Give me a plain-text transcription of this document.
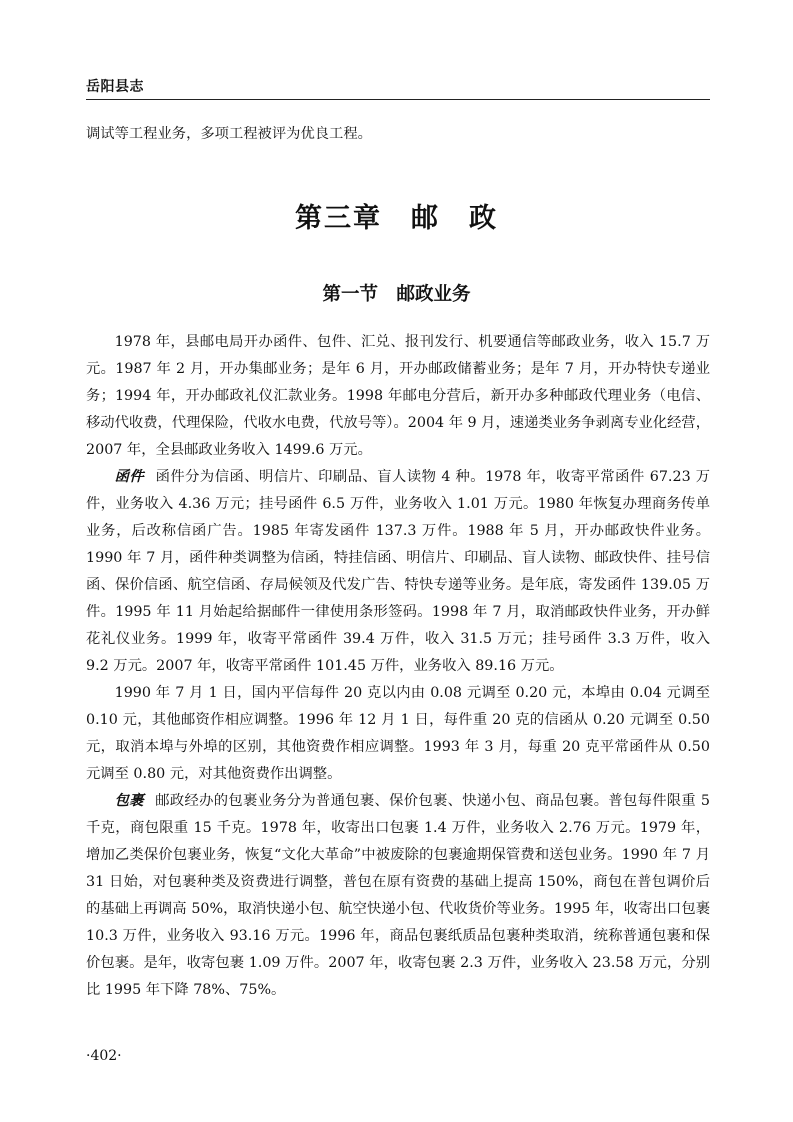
岳阳县志

调试等工程业务，多项工程被评为优良工程。

第三章　邮　政
第一节　邮政业务

1978 年，县邮电局开办函件、包件、汇兑、报刊发行、机要通信等邮政业务，收入 15.7 万元。1987 年 2 月，开办集邮业务；是年 6 月，开办邮政储蓄业务；是年 7 月，开办特快专递业务；1994 年，开办邮政礼仪汇款业务。1998 年邮电分营后，新开办多种邮政代理业务（电信、移动代收费，代理保险，代收水电费，代放号等）。2004 年 9 月，速递类业务争剥离专业化经营，2007 年，全县邮政业务收入 1499.6 万元。

函件 函件分为信函、明信片、印刷品、盲人读物 4 种。1978 年，收寄平常函件 67.23 万件，业务收入 4.36 万元；挂号函件 6.5 万件，业务收入 1.01 万元。1980 年恢复办理商务传单业务，后改称信函广告。1985 年寄发函件 137.3 万件。1988 年 5 月，开办邮政快件业务。1990 年 7 月，函件种类调整为信函，特挂信函、明信片、印刷品、盲人读物、邮政快件、挂号信函、保价信函、航空信函、存局候领及代发广告、特快专递等业务。是年底，寄发函件 139.05 万件。1995 年 11 月始起给据邮件一律使用条形签码。1998 年 7 月，取消邮政快件业务，开办鲜花礼仪业务。1999 年，收寄平常函件 39.4 万件，收入 31.5 万元；挂号函件 3.3 万件，收入 9.2 万元。2007 年，收寄平常函件 101.45 万件，业务收入 89.16 万元。

1990 年 7 月 1 日，国内平信每件 20 克以内由 0.08 元调至 0.20 元，本埠由 0.04 元调至 0.10 元，其他邮资作相应调整。1996 年 12 月 1 日，每件重 20 克的信函从 0.20 元调至 0.50 元，取消本埠与外埠的区别，其他资费作相应调整。1993 年 3 月，每重 20 克平常函件从 0.50 元调至 0.80 元，对其他资费作出调整。

包裹 邮政经办的包裹业务分为普通包裹、保价包裹、快递小包、商品包裹。普包每件限重 5 千克，商包限重 15 千克。1978 年，收寄出口包裹 1.4 万件，业务收入 2.76 万元。1979 年，增加乙类保价包裹业务，恢复“文化大革命”中被废除的包裹逾期保管费和送包业务。1990 年 7 月 31 日始，对包裹种类及资费进行调整，普包在原有资费的基础上提高 150%，商包在普包调价后的基础上再调高 50%，取消快递小包、航空快递小包、代收货价等业务。1995 年，收寄出口包裹 10.3 万件，业务收入 93.16 万元。1996 年，商品包裹纸质品包裹种类取消，统称普通包裹和保价包裹。是年，收寄包裹 1.09 万件。2007 年，收寄包裹 2.3 万件，业务收入 23.58 万元，分别比 1995 年下降 78%、75%。

·402·
